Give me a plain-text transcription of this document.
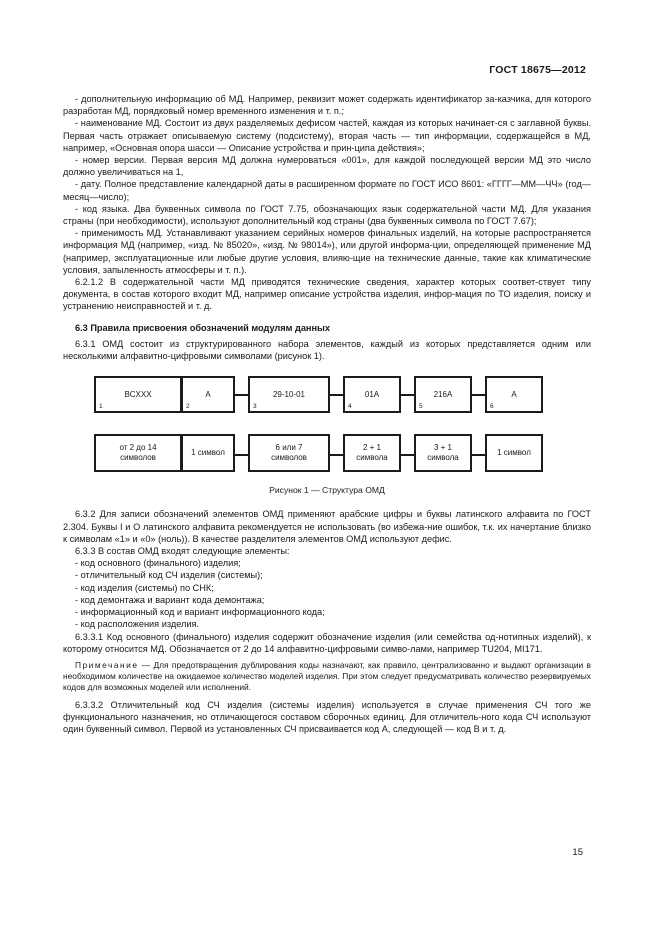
ГОСТ 18675—2012

- дополнительную информацию об МД. Например, реквизит может содержать идентификатор за-казчика, для которого разработан МД, порядковый номер временного изменения и т. п.;

- наименование МД. Состоит из двух разделяемых дефисом частей, каждая из которых начинает-ся с заглавной буквы. Первая часть отражает описываемую систему (подсистему), вторая часть — тип информации, содержащейся в МД, например, «Основная опора шасси — Описание устройства и прин-ципа действия»;

- номер версии. Первая версия МД должна нумероваться «001», для каждой последующей версии МД это число должно увеличиваться на 1,

- дату. Полное представление календарной даты в расширенном формате по ГОСТ ИСО 8601: «ГГГГ—ММ—ЧЧ» (год—месяц—число);

- код языка. Два буквенных символа по ГОСТ 7.75, обозначающих язык содержательной части МД. Для указания страны (при необходимости), используют дополнительный код страны (два буквенных символа по ГОСТ 7.67);

- применимость МД. Устанавливают указанием серийных номеров финальных изделий, на которые распространяется информация МД (например, «изд. № 85020», «изд. № 98014»), или другой информа-ции, определяющей применение МД (например, эксплуатационные или любые другие условия, влияю-щие на технические данные, такие как климатические условия, запыленность атмосферы и т. п.).

6.2.1.2 В содержательной части МД приводятся технические сведения, характер которых соответ-ствует типу документа, в состав которого входит МД, например описание устройства изделия, инфор-мация по ТО изделия, поиску и устранению неисправностей и т. д.

6.3 Правила присвоения обозначений модулям данных

6.3.1 ОМД состоит из структурированного набора элементов, каждый из которых представляется одним или несколькими алфавитно-цифровыми символами (рисунок 1).

BCXXX
1
A
2
29-10-01
3
01A
4
216A
5
A
6
от 2 до 14
символов
1 символ
6 или 7
символов
2 + 1
символа
3 + 1
символа
1 символ

Рисунок 1 — Структура ОМД

6.3.2 Для записи обозначений элементов ОМД применяют арабские цифры и буквы латинского алфавита по ГОСТ 2.304. Буквы I и O латинского алфавита рекомендуется не использовать (во избежа-ние ошибок, т.к. их начертание близко к символам «1» и «0» (ноль)). В качестве разделителя элементов ОМД используют дефис.

6.3.3 В состав ОМД входят следующие элементы:

- код основного (финального) изделия;

- отличительный код СЧ изделия (системы);

- код изделия (системы) по СНК;

- код демонтажа и вариант кода демонтажа;

- информационный код и вариант информационного кода;

- код расположения изделия.

6.3.3.1 Код основного (финального) изделия содержит обозначение изделия (или семейства од-нотипных изделий), к которому относится МД. Обозначается от 2 до 14 алфавитно-цифровыми симво-лами, например TU204, MI171.

Примечание — Для предотвращения дублирования коды назначают, как правило, централизованно и выдают организации в необходимом количестве на ожидаемое количество моделей изделия. При этом следует предусматривать количество резервируемых кодов для возможных моделей или исполнений.

6.3.3.2 Отличительный код СЧ изделия (системы изделия) используется в случае применения СЧ того же функционального назначения, но отличающегося составом сборочных единиц. Для отличитель-ного кода СЧ используют один буквенный символ. Первой из установленных СЧ присваивается код А, следующей — код В и т. д.

15
